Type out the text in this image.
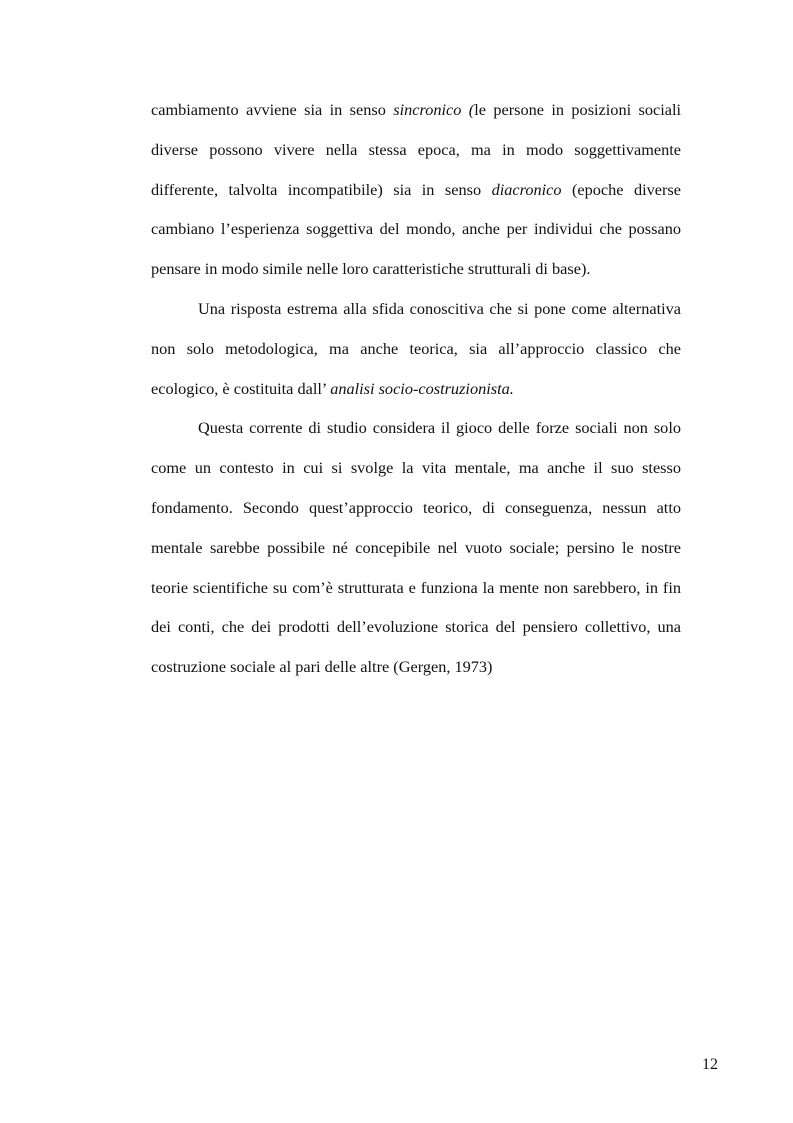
cambiamento avviene sia in senso sincronico (le persone in posizioni sociali diverse possono vivere nella stessa epoca, ma in modo soggettivamente differente, talvolta incompatibile) sia in senso diacronico (epoche diverse cambiano l’esperienza soggettiva del mondo, anche per individui che possano pensare in modo simile nelle loro caratteristiche strutturali di base).

Una risposta estrema alla sfida conoscitiva che si pone come alternativa non solo metodologica, ma anche teorica, sia all’approccio classico che ecologico, è costituita dall’ analisi socio-costruzionista.

Questa corrente di studio considera il gioco delle forze sociali non solo come un contesto in cui si svolge la vita mentale, ma anche il suo stesso fondamento. Secondo quest’approccio teorico, di conseguenza, nessun atto mentale sarebbe possibile né concepibile nel vuoto sociale; persino le nostre teorie scientifiche su com’è strutturata e funziona la mente non sarebbero, in fin dei conti, che dei prodotti dell’evoluzione storica del pensiero collettivo, una costruzione sociale al pari delle altre (Gergen, 1973)

12
